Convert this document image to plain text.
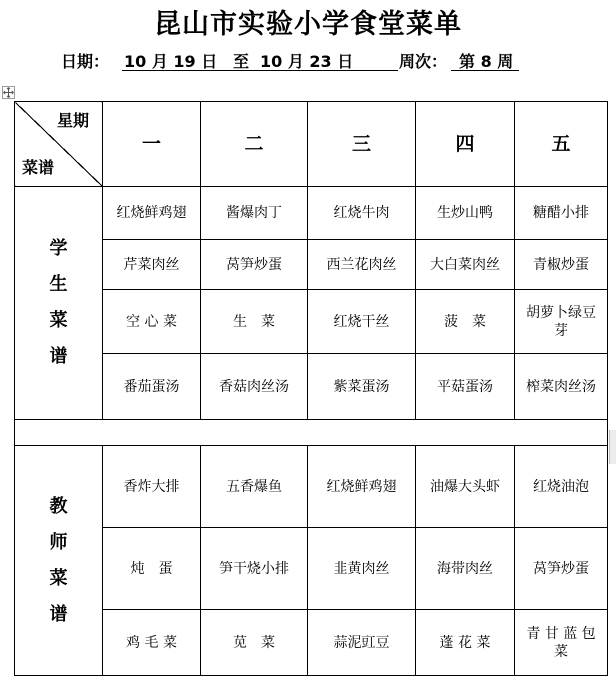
昆山市实验小学食堂菜单
日期： 10 月 19 日 至 10 月 23 日	周次： 第 8 周
星期
菜谱	一	二	三	四	五
学
生
菜
谱	红烧鲜鸡翅	酱爆肉丁	红烧牛肉	生炒山鸭	糖醋小排
	芹菜肉丝	莴笋炒蛋	西兰花肉丝	大白菜肉丝	青椒炒蛋
	空 心 菜	生　菜	红烧干丝	菠　菜	胡萝卜绿豆芽
	番茄蛋汤	香菇肉丝汤	紫菜蛋汤	平菇蛋汤	榨菜肉丝汤

教
师
菜
谱	香炸大排	五香爆鱼	红烧鲜鸡翅	油爆大头虾	红烧油泡
	炖　蛋	笋干烧小排	韭黄肉丝	海带肉丝	莴笋炒蛋
	鸡 毛 菜	苋　菜	蒜泥豇豆	蓬 花 菜	青 甘 蓝 包 菜
